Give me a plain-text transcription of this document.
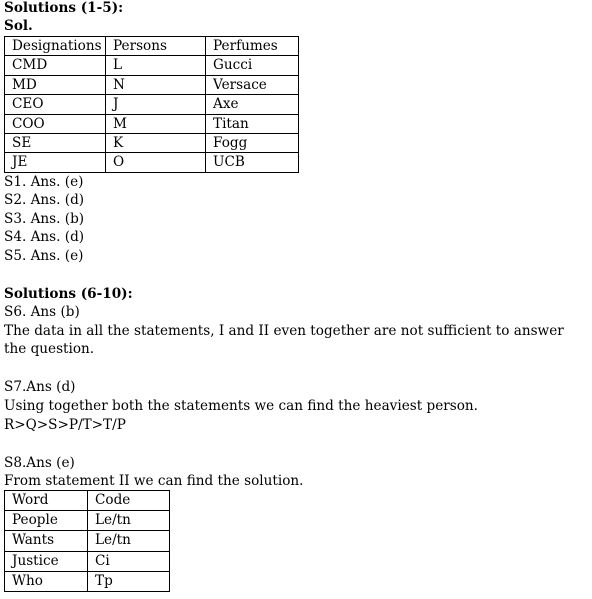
Solutions (1-5):
Sol.
Designations	Persons	Perfumes
CMD	L	Gucci
MD	N	Versace
CEO	J	Axe
COO	M	Titan
SE	K	Fogg
JE	O	UCB
S1. Ans. (e)
S2. Ans. (d)
S3. Ans. (b)
S4. Ans. (d)
S5. Ans. (e)
Solutions (6-10):
S6. Ans (b)
The data in all the statements, I and II even together are not sufficient to answer the question.
S7.Ans (d)
Using together both the statements we can find the heaviest person.
R>Q>S>P/T>T/P
S8.Ans (e)
From statement II we can find the solution.
Word	Code
People	Le/tn
Wants	Le/tn
Justice	Ci
Who	Tp
